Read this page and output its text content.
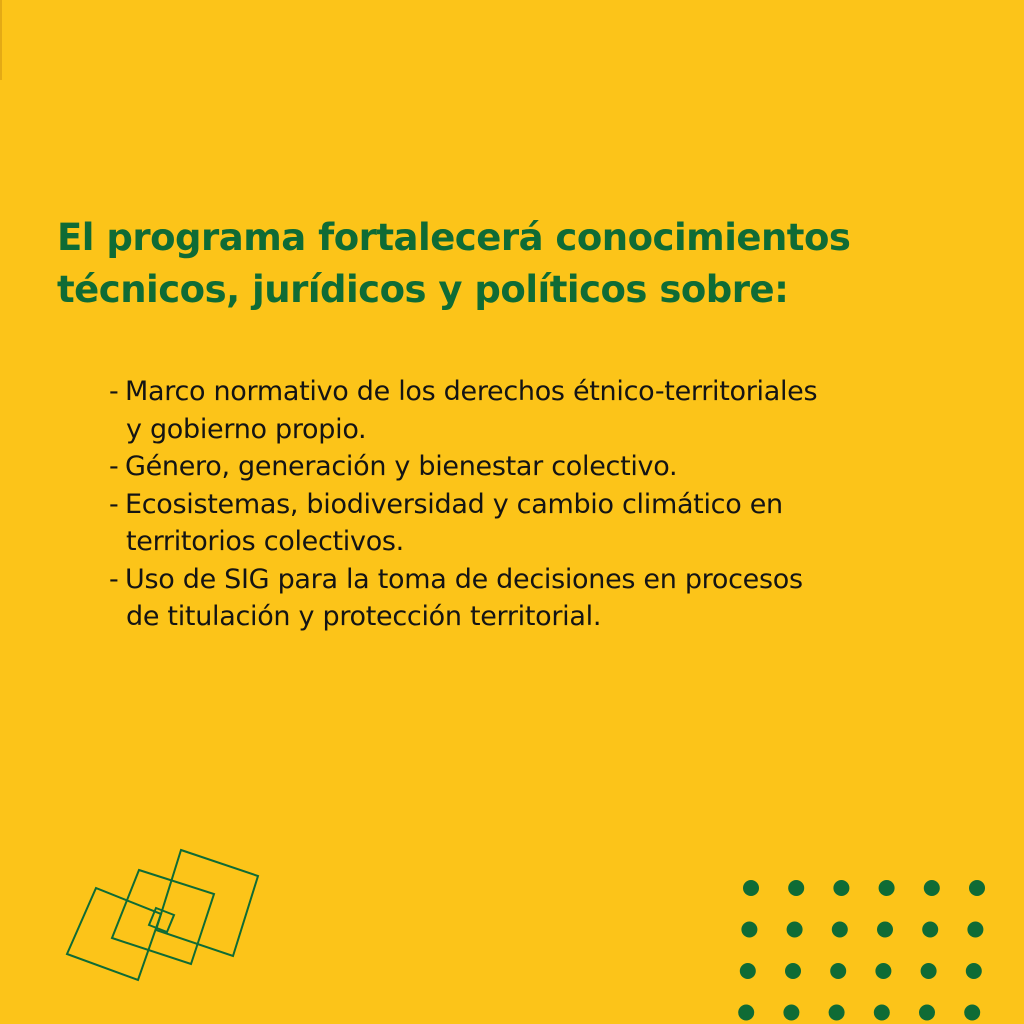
El programa fortalecerá conocimientos
técnicos, jurídicos y políticos sobre:
- Marco normativo de los derechos étnico-territoriales
y gobierno propio.
- Género, generación y bienestar colectivo.
- Ecosistemas, biodiversidad y cambio climático en
territorios colectivos.
- Uso de SIG para la toma de decisiones en procesos
de titulación y protección territorial.
